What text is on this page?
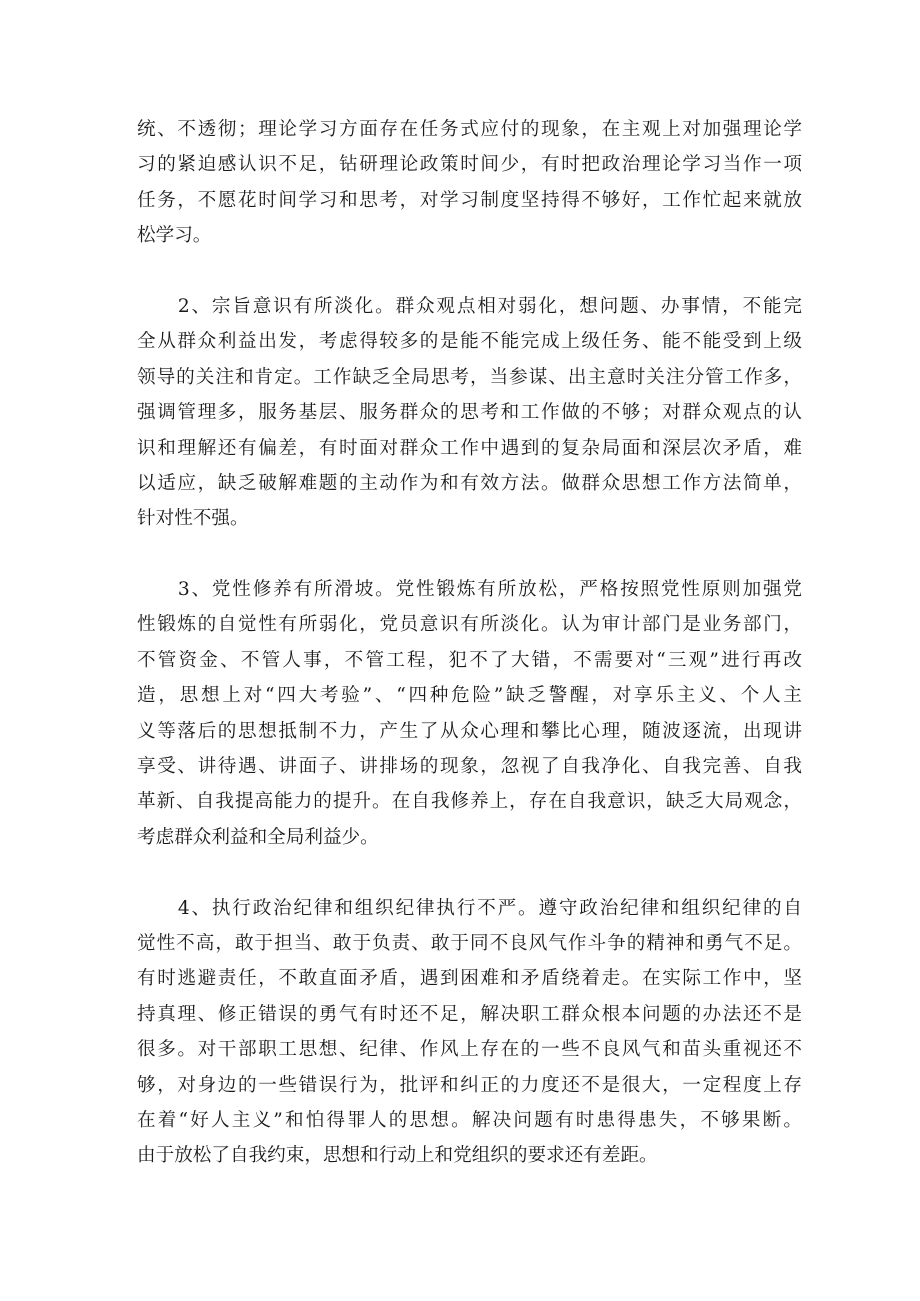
统、不透彻；理论学习方面存在任务式应付的现象，在主观上对加强理论学
习的紧迫感认识不足，钻研理论政策时间少，有时把政治理论学习当作一项
任务，不愿花时间学习和思考，对学习制度坚持得不够好，工作忙起来就放
松学习。
　　2、宗旨意识有所淡化。群众观点相对弱化，想问题、办事情，不能完
全从群众利益出发，考虑得较多的是能不能完成上级任务、能不能受到上级
领导的关注和肯定。工作缺乏全局思考，当参谋、出主意时关注分管工作多，
强调管理多，服务基层、服务群众的思考和工作做的不够；对群众观点的认
识和理解还有偏差，有时面对群众工作中遇到的复杂局面和深层次矛盾，难
以适应，缺乏破解难题的主动作为和有效方法。做群众思想工作方法简单，
针对性不强。
　　3、党性修养有所滑坡。党性锻炼有所放松，严格按照党性原则加强党
性锻炼的自觉性有所弱化，党员意识有所淡化。认为审计部门是业务部门，
不管资金、不管人事，不管工程，犯不了大错，不需要对“三观”进行再改
造，思想上对“四大考验”、“四种危险”缺乏警醒，对享乐主义、个人主
义等落后的思想抵制不力，产生了从众心理和攀比心理，随波逐流，出现讲
享受、讲待遇、讲面子、讲排场的现象，忽视了自我净化、自我完善、自我
革新、自我提高能力的提升。在自我修养上，存在自我意识，缺乏大局观念，
考虑群众利益和全局利益少。
　　4、执行政治纪律和组织纪律执行不严。遵守政治纪律和组织纪律的自
觉性不高，敢于担当、敢于负责、敢于同不良风气作斗争的精神和勇气不足。
有时逃避责任，不敢直面矛盾，遇到困难和矛盾绕着走。在实际工作中，坚
持真理、修正错误的勇气有时还不足，解决职工群众根本问题的办法还不是
很多。对干部职工思想、纪律、作风上存在的一些不良风气和苗头重视还不
够，对身边的一些错误行为，批评和纠正的力度还不是很大，一定程度上存
在着“好人主义”和怕得罪人的思想。解决问题有时患得患失，不够果断。
由于放松了自我约束，思想和行动上和党组织的要求还有差距。
